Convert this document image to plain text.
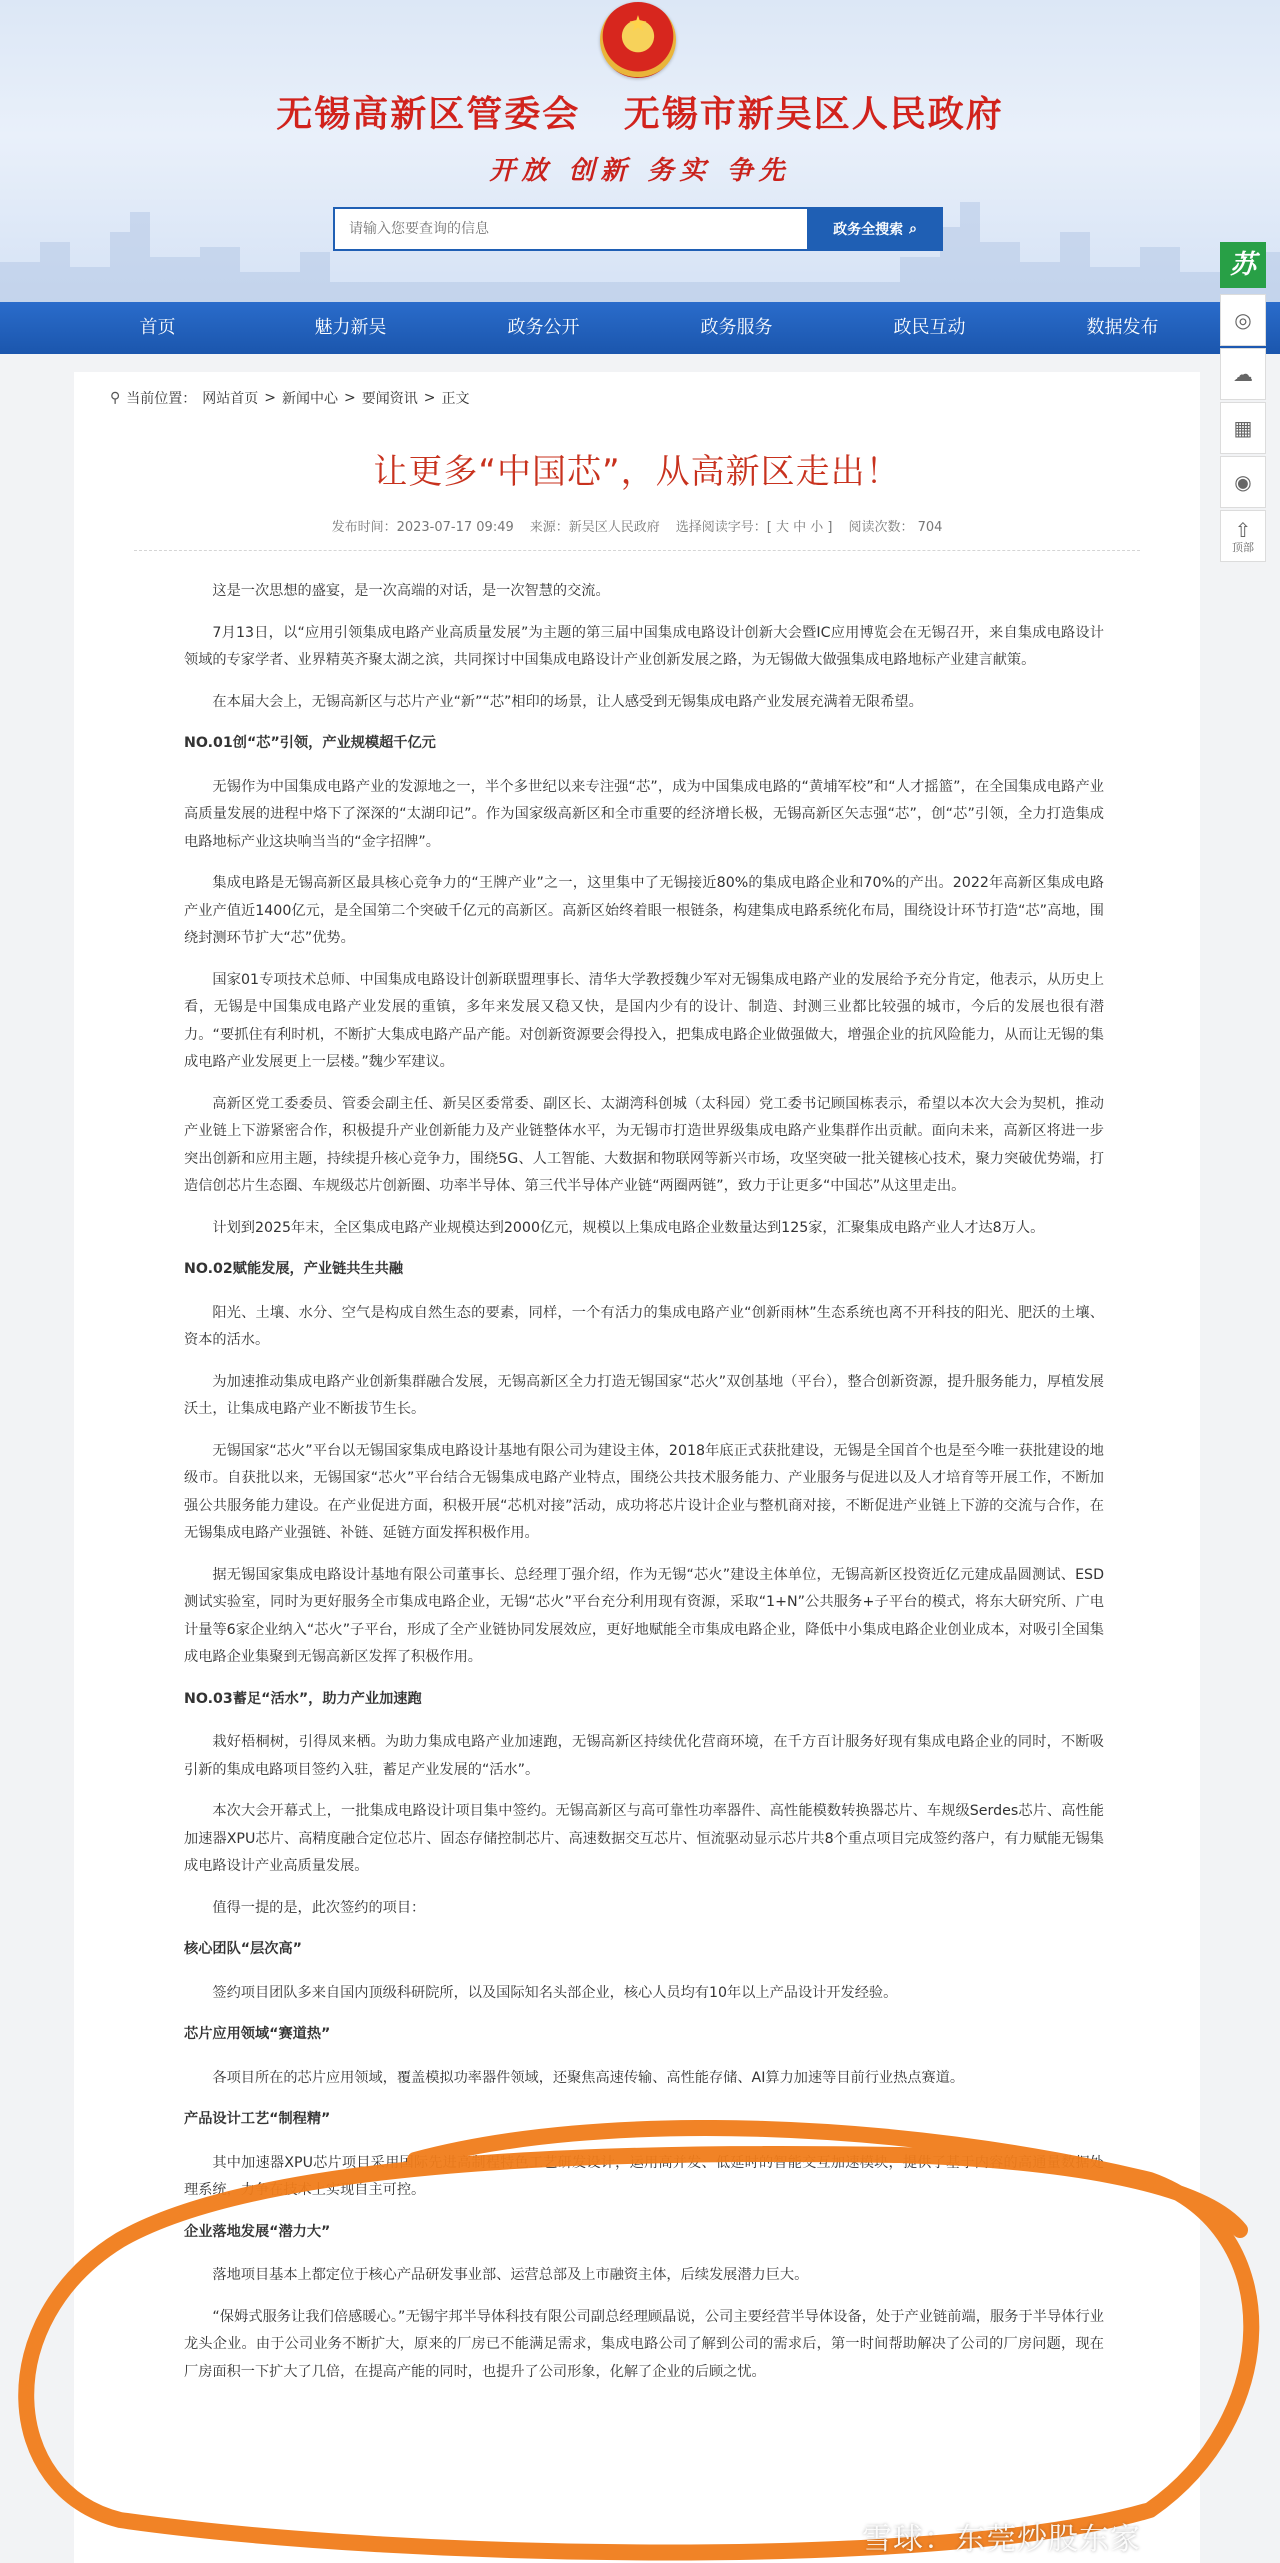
★
无锡高新区管委会   无锡市新吴区人民政府
开放 创新 务实 争先
请输入您要查询的信息
政务全搜索 ⌕
首页	魅力新吴	政务公开	政务服务	政民互动	数据发布
苏
◎
☁
▦
◉
⇧
顶部
⚲ 当前位置： 网站首页 > 新闻中心 > 要闻资讯 > 正文
让更多“中国芯”，从高新区走出！
发布时间：2023-07-17 09:49 来源：新吴区人民政府 选择阅读字号：[ 大 中 小 ] 阅读次数： 704

这是一次思想的盛宴，是一次高端的对话，是一次智慧的交流。

7月13日，以“应用引领集成电路产业高质量发展”为主题的第三届中国集成电路设计创新大会暨IC应用博览会在无锡召开，来自集成电路设计领域的专家学者、业界精英齐聚太湖之滨，共同探讨中国集成电路设计产业创新发展之路，为无锡做大做强集成电路地标产业建言献策。

在本届大会上，无锡高新区与芯片产业“新”“芯”相印的场景，让人感受到无锡集成电路产业发展充满着无限希望。

NO.01创“芯”引领，产业规模超千亿元

无锡作为中国集成电路产业的发源地之一，半个多世纪以来专注强“芯”，成为中国集成电路的“黄埔军校”和“人才摇篮”，在全国集成电路产业高质量发展的进程中烙下了深深的“太湖印记”。作为国家级高新区和全市重要的经济增长极，无锡高新区矢志强“芯”，创“芯”引领，全力打造集成电路地标产业这块响当当的“金字招牌”。

集成电路是无锡高新区最具核心竞争力的“王牌产业”之一，这里集中了无锡接近80%的集成电路企业和70%的产出。2022年高新区集成电路产业产值近1400亿元，是全国第二个突破千亿元的高新区。高新区始终着眼一根链条，构建集成电路系统化布局，围绕设计环节打造“芯”高地，围绕封测环节扩大“芯”优势。

国家01专项技术总师、中国集成电路设计创新联盟理事长、清华大学教授魏少军对无锡集成电路产业的发展给予充分肯定，他表示，从历史上看，无锡是中国集成电路产业发展的重镇，多年来发展又稳又快，是国内少有的设计、制造、封测三业都比较强的城市，今后的发展也很有潜力。“要抓住有利时机，不断扩大集成电路产品产能。对创新资源要会得投入，把集成电路企业做强做大，增强企业的抗风险能力，从而让无锡的集成电路产业发展更上一层楼。”魏少军建议。

高新区党工委委员、管委会副主任、新吴区委常委、副区长、太湖湾科创城（太科园）党工委书记顾国栋表示，希望以本次大会为契机，推动产业链上下游紧密合作，积极提升产业创新能力及产业链整体水平，为无锡市打造世界级集成电路产业集群作出贡献。面向未来，高新区将进一步突出创新和应用主题，持续提升核心竞争力，围绕5G、人工智能、大数据和物联网等新兴市场，攻坚突破一批关键核心技术，聚力突破优势端，打造信创芯片生态圈、车规级芯片创新圈、功率半导体、第三代半导体产业链“两圈两链”，致力于让更多“中国芯”从这里走出。

计划到2025年末，全区集成电路产业规模达到2000亿元，规模以上集成电路企业数量达到125家，汇聚集成电路产业人才达8万人。

NO.02赋能发展，产业链共生共融

阳光、土壤、水分、空气是构成自然生态的要素，同样，一个有活力的集成电路产业“创新雨林”生态系统也离不开科技的阳光、肥沃的土壤、资本的活水。

为加速推动集成电路产业创新集群融合发展，无锡高新区全力打造无锡国家“芯火”双创基地（平台），整合创新资源，提升服务能力，厚植发展沃土，让集成电路产业不断拔节生长。

无锡国家“芯火”平台以无锡国家集成电路设计基地有限公司为建设主体，2018年底正式获批建设，无锡是全国首个也是至今唯一获批建设的地级市。自获批以来，无锡国家“芯火”平台结合无锡集成电路产业特点，围绕公共技术服务能力、产业服务与促进以及人才培育等开展工作，不断加强公共服务能力建设。在产业促进方面，积极开展“芯机对接”活动，成功将芯片设计企业与整机商对接，不断促进产业链上下游的交流与合作，在无锡集成电路产业强链、补链、延链方面发挥积极作用。

据无锡国家集成电路设计基地有限公司董事长、总经理丁强介绍，作为无锡“芯火”建设主体单位，无锡高新区投资近亿元建成晶圆测试、ESD测试实验室，同时为更好服务全市集成电路企业，无锡“芯火”平台充分利用现有资源，采取“1+N”公共服务+子平台的模式，将东大研究所、广电计量等6家企业纳入“芯火”子平台，形成了全产业链协同发展效应，更好地赋能全市集成电路企业，降低中小集成电路企业创业成本，对吸引全国集成电路企业集聚到无锡高新区发挥了积极作用。

NO.03蓄足“活水”，助力产业加速跑

栽好梧桐树，引得凤来栖。为助力集成电路产业加速跑，无锡高新区持续优化营商环境，在千方百计服务好现有集成电路企业的同时，不断吸引新的集成电路项目签约入驻，蓄足产业发展的“活水”。

本次大会开幕式上，一批集成电路设计项目集中签约。无锡高新区与高可靠性功率器件、高性能模数转换器芯片、车规级Serdes芯片、高性能加速器XPU芯片、高精度融合定位芯片、固态存储控制芯片、高速数据交互芯片、恒流驱动显示芯片共8个重点项目完成签约落户，有力赋能无锡集成电路设计产业高质量发展。

值得一提的是，此次签约的项目：

核心团队“层次高”

签约项目团队多来自国内顶级科研院所，以及国际知名头部企业，核心人员均有10年以上产品设计开发经验。

芯片应用领域“赛道热”

各项目所在的芯片应用领域，覆盖模拟功率器件领域，还聚焦高速传输、高性能存储、AI算力加速等目前行业热点赛道。

产品设计工艺“制程精”

其中加速器XPU芯片项目采用国际先进高制程特色工艺研发设计，运用高并发、低延时的智能交互加速模块，提供了基于内容的高通量数据处理系统，力争在技术上实现自主可控。

企业落地发展“潜力大”

落地项目基本上都定位于核心产品研发事业部、运营总部及上市融资主体，后续发展潜力巨大。

“保姆式服务让我们倍感暖心。”无锡宇邦半导体科技有限公司副总经理顾晶说，公司主要经营半导体设备，处于产业链前端，服务于半导体行业龙头企业。由于公司业务不断扩大，原来的厂房已不能满足需求，集成电路公司了解到公司的需求后，第一时间帮助解决了公司的厂房问题，现在厂房面积一下扩大了几倍，在提高产能的同时，也提升了公司形象，化解了企业的后顾之忧。

雪球：东莞炒股东家
